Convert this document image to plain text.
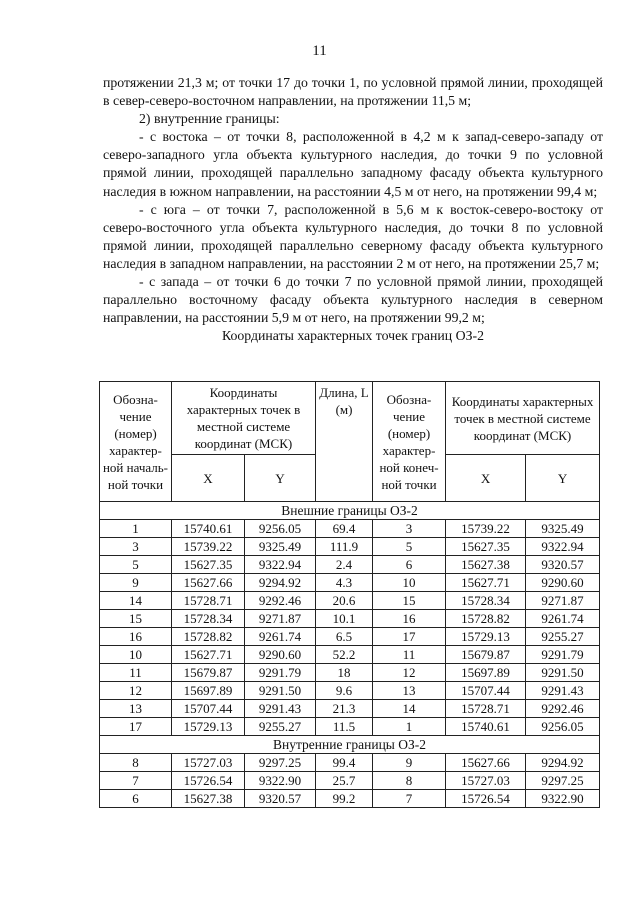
11

протяжении 21,3 м; от точки 17 до точки 1, по условной прямой линии, проходящей в север-северо-восточном направлении, на протяжении 11,5 м;

2) внутренние границы:

- с востока – от точки 8, расположенной в 4,2 м к запад-северо-западу от северо-западного угла объекта культурного наследия, до точки 9 по условной прямой линии, проходящей параллельно западному фасаду объекта культурного наследия в южном направлении, на расстоянии 4,5 м от него, на протяжении 99,4 м;

- с юга – от точки 7, расположенной в 5,6 м к восток-северо-востоку от северо-восточного угла объекта культурного наследия, до точки 8 по условной прямой линии, проходящей параллельно северному фасаду объекта культурного наследия в западном направлении, на расстоянии 2 м от него, на протяжении 25,7 м;

- с запада – от точки 6 до точки 7 по условной прямой линии, проходящей параллельно восточному фасаду объекта культурного наследия в северном направлении, на расстоянии 5,9 м от него, на протяжении 99,2 м;

Координаты характерных точек границ ОЗ-2

Обозна-чение (номер) характер-ной началь-ной точки	Координаты характерных точек в местной системе координат (МСК)		Длина, L (м)	Обозна-чение (номер) характер-ной конеч-ной точки	Координаты характерных точек в местной системе координат (МСК)	
	X	Y			X	Y
Внешние границы ОЗ-2						
1	15740.61	9256.05	69.4	3	15739.22	9325.49
3	15739.22	9325.49	111.9	5	15627.35	9322.94
5	15627.35	9322.94	2.4	6	15627.38	9320.57
9	15627.66	9294.92	4.3	10	15627.71	9290.60
14	15728.71	9292.46	20.6	15	15728.34	9271.87
15	15728.34	9271.87	10.1	16	15728.82	9261.74
16	15728.82	9261.74	6.5	17	15729.13	9255.27
10	15627.71	9290.60	52.2	11	15679.87	9291.79
11	15679.87	9291.79	18	12	15697.89	9291.50
12	15697.89	9291.50	9.6	13	15707.44	9291.43
13	15707.44	9291.43	21.3	14	15728.71	9292.46
17	15729.13	9255.27	11.5	1	15740.61	9256.05
Внутренние границы ОЗ-2						
8	15727.03	9297.25	99.4	9	15627.66	9294.92
7	15726.54	9322.90	25.7	8	15727.03	9297.25
6	15627.38	9320.57	99.2	7	15726.54	9322.90
